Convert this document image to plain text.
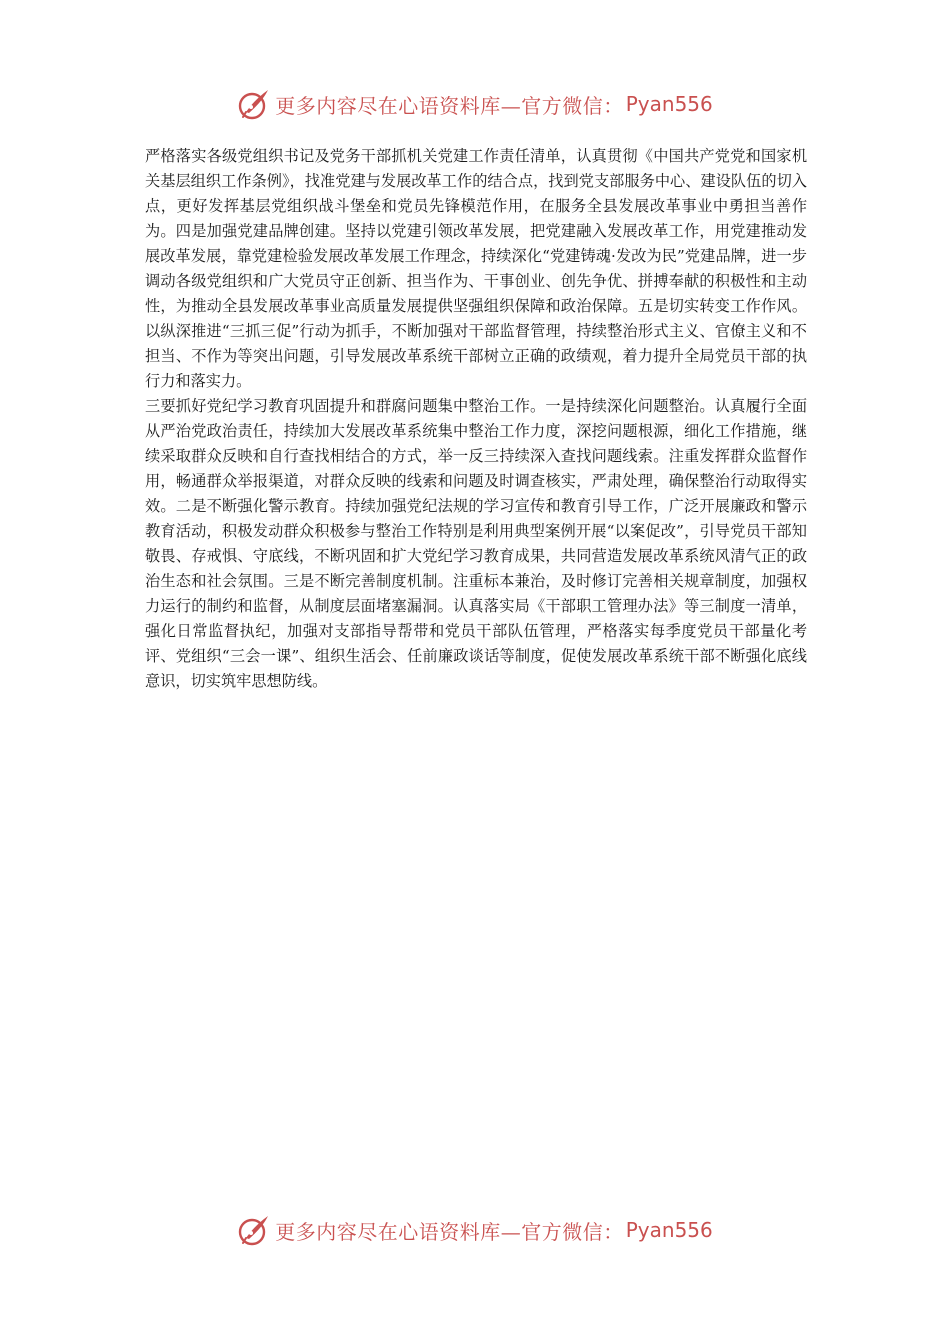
更多内容尽在心语资料库—官方微信： Pyan556

严格落实各级党组织书记及党务干部抓机关党建工作责任清单，认真贯彻《中国共产党党和国家机关基层组织工作条例》，找准党建与发展改革工作的结合点，找到党支部服务中心、建设队伍的切入点，更好发挥基层党组织战斗堡垒和党员先锋模范作用，在服务全县发展改革事业中勇担当善作为。四是加强党建品牌创建。坚持以党建引领改革发展，把党建融入发展改革工作，用党建推动发展改革发展，靠党建检验发展改革发展工作理念，持续深化“党建铸魂·发改为民”党建品牌，进一步调动各级党组织和广大党员守正创新、担当作为、干事创业、创先争优、拼搏奉献的积极性和主动性，为推动全县发展改革事业高质量发展提供坚强组织保障和政治保障。五是切实转变工作作风。以纵深推进“三抓三促”行动为抓手，不断加强对干部监督管理，持续整治形式主义、官僚主义和不担当、不作为等突出问题，引导发展改革系统干部树立正确的政绩观，着力提升全局党员干部的执行力和落实力。

三要抓好党纪学习教育巩固提升和群腐问题集中整治工作。一是持续深化问题整治。认真履行全面从严治党政治责任，持续加大发展改革系统集中整治工作力度，深挖问题根源，细化工作措施，继续采取群众反映和自行查找相结合的方式，举一反三持续深入查找问题线索。注重发挥群众监督作用，畅通群众举报渠道，对群众反映的线索和问题及时调查核实，严肃处理，确保整治行动取得实效。二是不断强化警示教育。持续加强党纪法规的学习宣传和教育引导工作，广泛开展廉政和警示教育活动，积极发动群众积极参与整治工作特别是利用典型案例开展“以案促改”，引导党员干部知敬畏、存戒惧、守底线，不断巩固和扩大党纪学习教育成果，共同营造发展改革系统风清气正的政治生态和社会氛围。三是不断完善制度机制。注重标本兼治，及时修订完善相关规章制度，加强权力运行的制约和监督，从制度层面堵塞漏洞。认真落实局《干部职工管理办法》等三制度一清单，强化日常监督执纪，加强对支部指导帮带和党员干部队伍管理，严格落实每季度党员干部量化考评、党组织“三会一课”、组织生活会、任前廉政谈话等制度，促使发展改革系统干部不断强化底线意识，切实筑牢思想防线。

更多内容尽在心语资料库—官方微信： Pyan556
